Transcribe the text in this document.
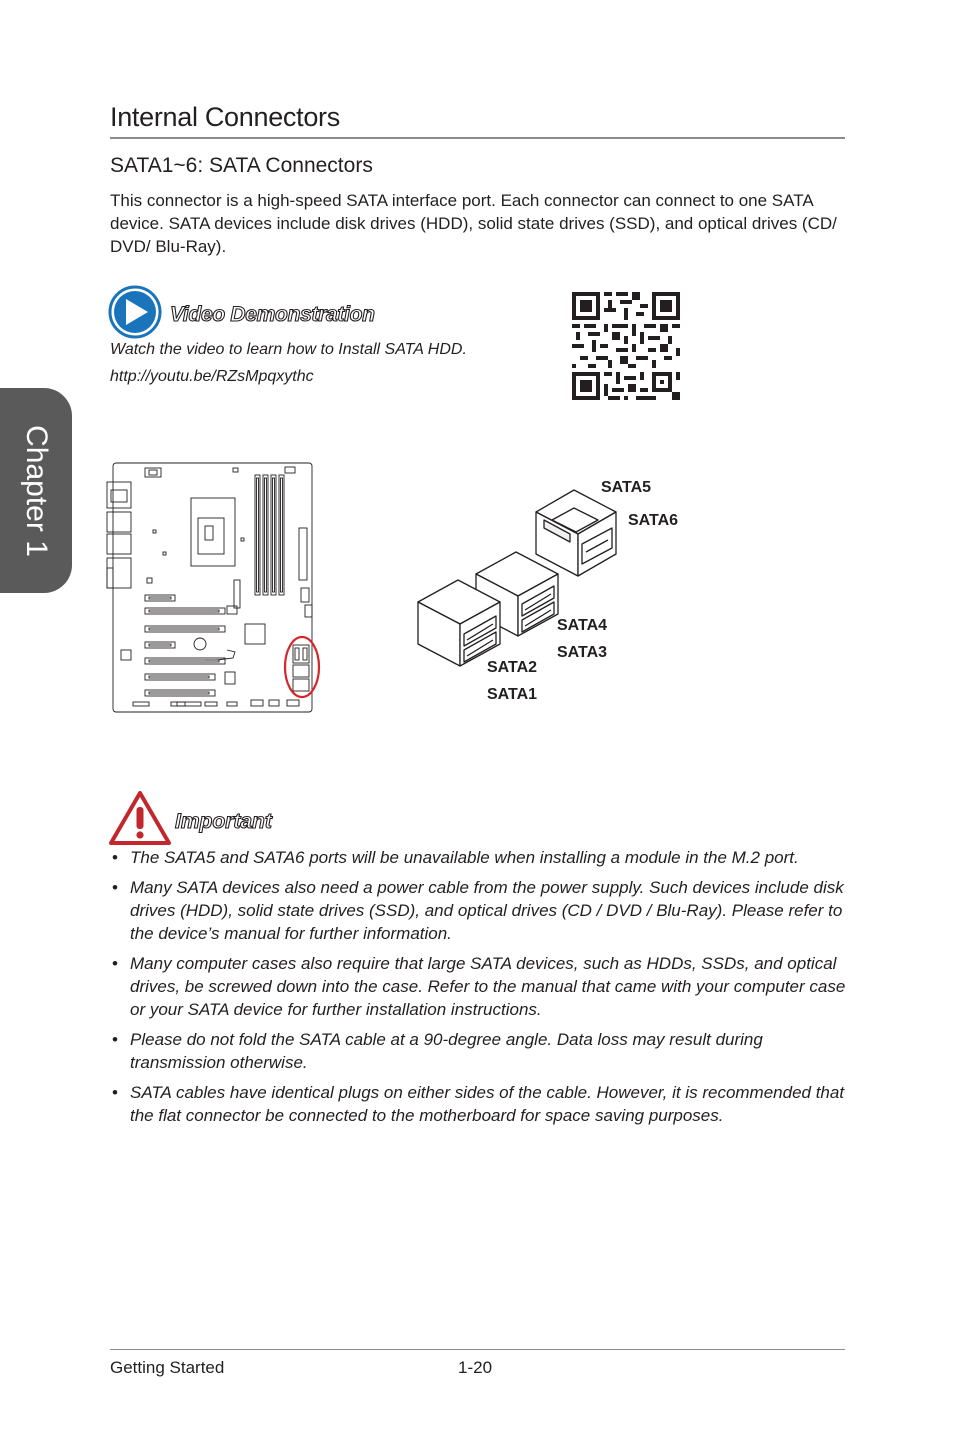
Chapter 1
Internal Connectors
SATA1~6: SATA Connectors
This connector is a high-speed SATA interface port. Each connector can connect to one SATA device. SATA devices include disk drives (HDD), solid state drives (SSD), and optical drives (CD/ DVD/ Blu-Ray).
Video Demonstration
Watch the video to learn how to Install SATA HDD.
http://youtu.be/RZsMpqxythc
SATA5
SATA6
SATA4
SATA3
SATA2
SATA1
Important
• The SATA5 and SATA6 ports will be unavailable when installing a module in the M.2 port.
• Many SATA devices also need a power cable from the power supply. Such devices include disk drives (HDD), solid state drives (SSD), and optical drives (CD / DVD / Blu-Ray). Please refer to the device’s manual for further information.
• Many computer cases also require that large SATA devices, such as HDDs, SSDs, and optical drives, be screwed down into the case. Refer to the manual that came with your computer case or your SATA device for further installation instructions.
• Please do not fold the SATA cable at a 90-degree angle. Data loss may result during transmission otherwise.
• SATA cables have identical plugs on either sides of the cable. However, it is recommended that the flat connector be connected to the motherboard for space saving purposes.
Getting Started	1-20
